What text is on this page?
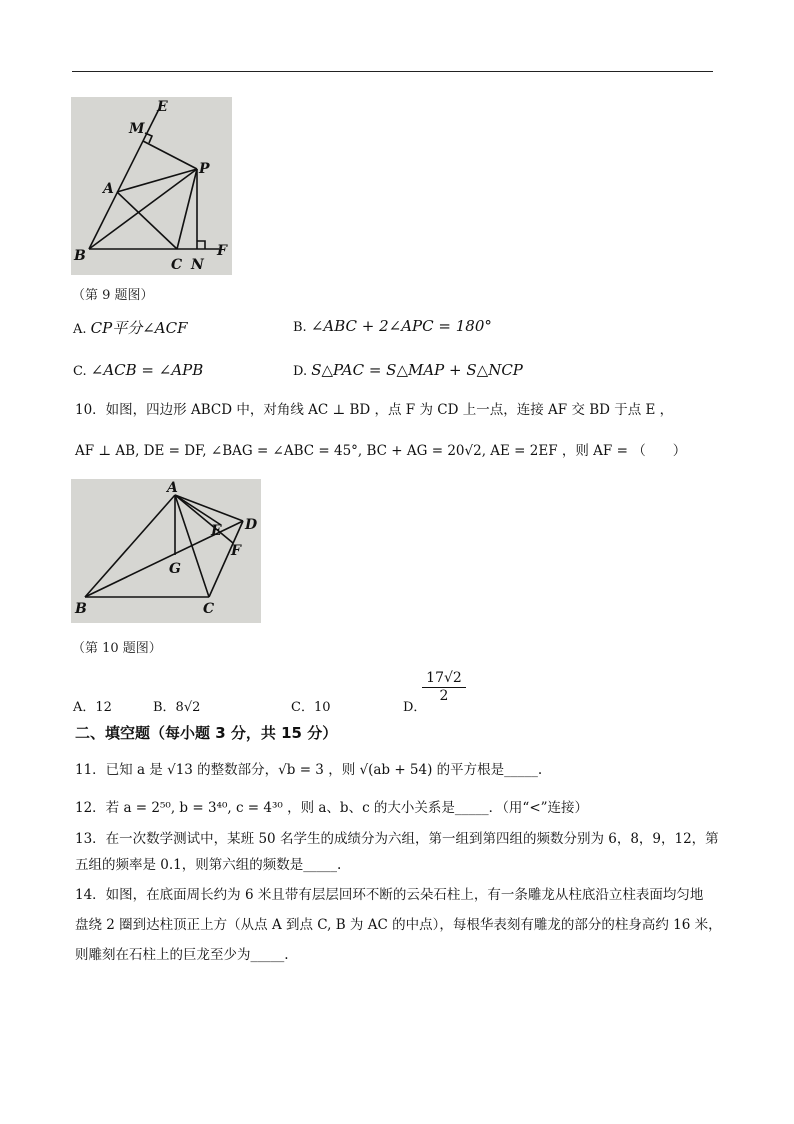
E
M
P
A
B
C N
F
（第 9 题图）
A. CP平分∠ACF	B. ∠ABC + 2∠APC = 180°
C. ∠ACB = ∠APB	D. S△PAC = S△MAP + S△NCP
10．如图，四边形 ABCD 中，对角线 AC ⊥ BD ，点 F 为 CD 上一点，连接 AF 交 BD 于点 E ，
AF ⊥ AB, DE = DF, ∠BAG = ∠ABC = 45°, BC + AG = 20√2, AE = 2EF ，则 AF = （　　）
A
D
E
F
G
B	C
（第 10 题图）
A．12	B．8√2	C．10	D．
$\frac{17√2}{2}$
二、填空题（每小题 3 分，共 15 分）
11．已知 a 是 √13 的整数部分，√b = 3 ，则 √(ab + 54) 的平方根是_____.
12．若 a = 2⁵⁰, b = 3⁴⁰, c = 4³⁰ ，则 a、b、c 的大小关系是_____．（用“<”连接）
13．在一次数学测试中，某班 50 名学生的成绩分为六组，第一组到第四组的频数分别为 6，8，9，12，第
五组的频率是 0.1，则第六组的频数是_____.
14．如图，在底面周长约为 6 米且带有层层回环不断的云朵石柱上，有一条雕龙从柱底沿立柱表面均匀地
盘绕 2 圈到达柱顶正上方（从点 A 到点 C, B 为 AC 的中点），每根华表刻有雕龙的部分的柱身高约 16 米，
则雕刻在石柱上的巨龙至少为_____.
